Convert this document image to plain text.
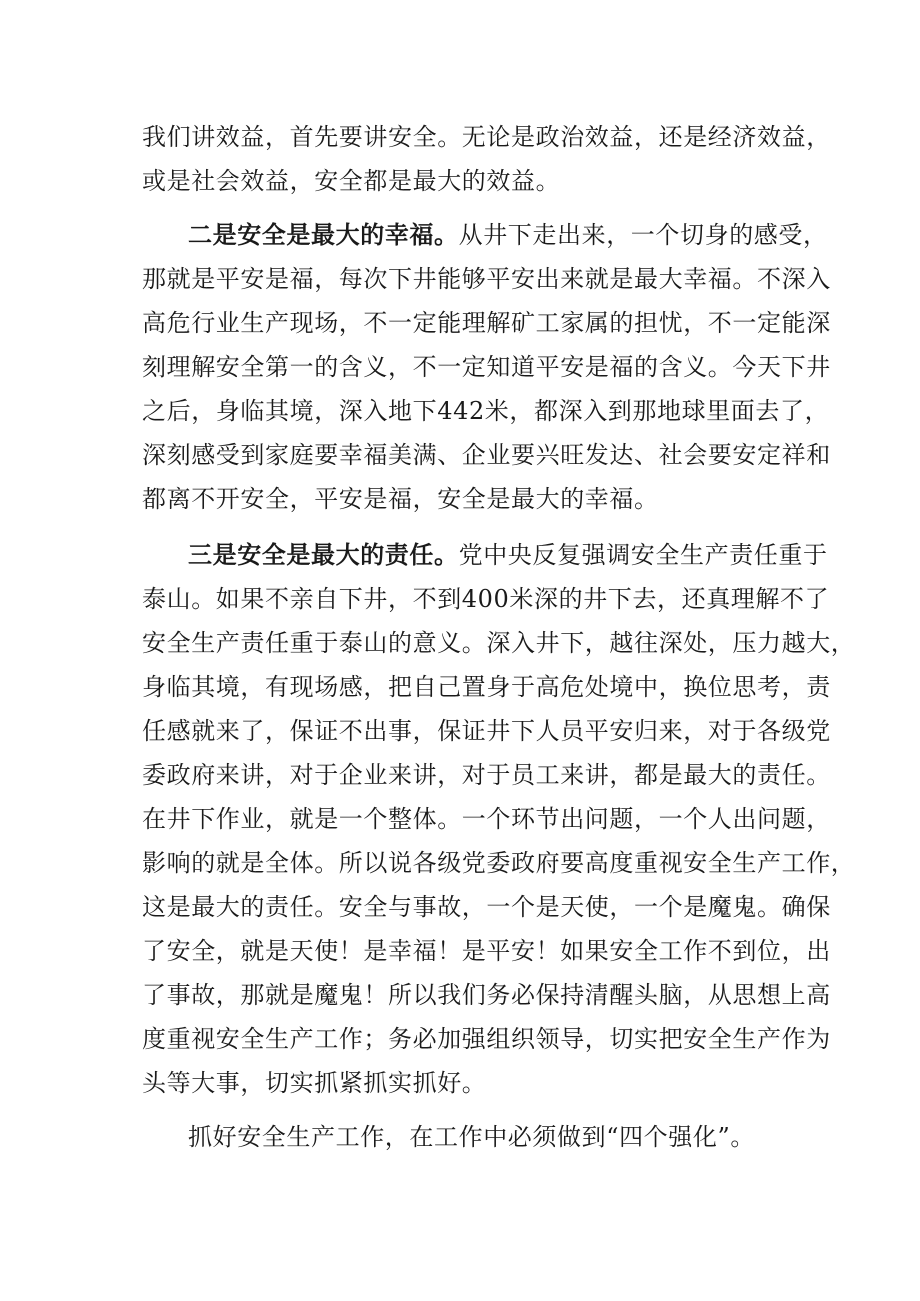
我们讲效益，首先要讲安全。无论是政治效益，还是经济效益，
或是社会效益，安全都是最大的效益。
二是安全是最大的幸福。从井下走出来，一个切身的感受，
那就是平安是福，每次下井能够平安出来就是最大幸福。不深入
高危行业生产现场，不一定能理解矿工家属的担忧，不一定能深
刻理解安全第一的含义，不一定知道平安是福的含义。今天下井
之后，身临其境，深入地下442米，都深入到那地球里面去了，
深刻感受到家庭要幸福美满、企业要兴旺发达、社会要安定祥和
都离不开安全，平安是福，安全是最大的幸福。
三是安全是最大的责任。党中央反复强调安全生产责任重于
泰山。如果不亲自下井，不到400米深的井下去，还真理解不了
安全生产责任重于泰山的意义。深入井下，越往深处，压力越大，
身临其境，有现场感，把自己置身于高危处境中，换位思考，责
任感就来了，保证不出事，保证井下人员平安归来，对于各级党
委政府来讲，对于企业来讲，对于员工来讲，都是最大的责任。
在井下作业，就是一个整体。一个环节出问题，一个人出问题，
影响的就是全体。所以说各级党委政府要高度重视安全生产工作，
这是最大的责任。安全与事故，一个是天使，一个是魔鬼。确保
了安全，就是天使！是幸福！是平安！如果安全工作不到位，出
了事故，那就是魔鬼！所以我们务必保持清醒头脑，从思想上高
度重视安全生产工作；务必加强组织领导，切实把安全生产作为
头等大事，切实抓紧抓实抓好。
抓好安全生产工作，在工作中必须做到“四个强化”。
